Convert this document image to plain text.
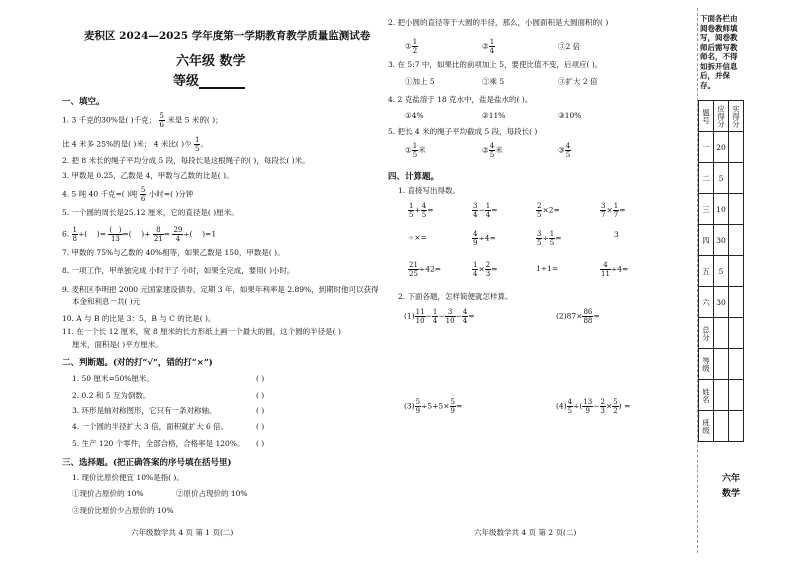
麦积区 2024—2025 学年度第一学期教育教学质量监测试卷
六年级 数学
等级
一、填空。
1. 3 千克的30%是( )千克； $\frac{5}{6}$ 米是 5 米的( )；
比 4 米多 25%的是( )米； 4 米比( )少 $\frac{1}{5}$ 。
2. 把 8 米长的绳子平均分成 5 段，每段长是这根绳子的( )，每段长( )米。
3. 甲数是 0.25，乙数是 4，甲数与乙数的比是( )。
4. 5 吨 40 千克=( )吨 $\frac{5}{6}$ 小时=( )分钟
5. 一个圆的周长是25.12 厘米，它的直径是( )厘米。
6. $\frac{1}{8}$ ÷(    )= $\frac{( )}{13}$ =(    )+ $\frac{8}{21} = \frac{29}{4}$ ÷(    )=1
7. 甲数的 75%与乙数的 40%相等，如果乙数是 150，甲数是( )。
8. 一项工作，甲单独完成 小时干了 小时，如果全完成，要用( )小时。
9. 麦积区李明把 2000 元国家建设债券，定期 3 年，如果年利率是 2.89%，到期时他可以获得
本金和利息一共( )元
10. A 与 B 的比是 3：5，B 与 C 的比是( )。
11. 在一个长 12 厘米，宽 8 厘米的长方形纸上画一个最大的圆，这个圆的半径是( )
厘米，面积是( )平方厘米。
二、判断题。(对的打“√”，错的打“×”)
1. 50 厘米=50%厘米。	( )
2. 0.2 和 5 互为倒数。	( )
3. 环形是轴对称图形，它只有一条对称轴。	( )
4. 一个圆的半径扩大 3 倍，面积就扩大 6 倍。	( )
5. 生产 120 个零件，全部合格，合格率是 120%。 ( )
三、选择题。(把正确答案的序号填在括号里)
1. 现价比原价便宜 10%是指( )。
①现价占原价的 10%	②原价占现价的 10%
③现价比原价少占原价的 10%
六年级数学共 4 页 第 1 页(二)
2. 把小圆的直径等于大圆的半径，那么，小圆面积是大圆面积的( )
① $\frac{1}{2}$	② $\frac{1}{4}$	③2 倍
3. 在 5:7 中，如果比的前项加上 5，要使比值不变，后项应( )。
①加上 5	②乘 5	③扩大 2 倍
4. 2 克盐溶于 18 克水中，盐是盐水的( )。
①4%	②11%	③10%
5. 把长 4 米的绳子平均截成 5 段，每段长( )
① $\frac{1}{5}$ 米	② $\frac{4}{5}$ 米	③ $\frac{4}{5}$
四、计算题。
1. 直接写出得数。
$\frac{1}{5} + \frac{4}{5}$ =	$\frac{3}{4} - \frac{1}{4}$ =	$\frac{2}{5} \times 2=$	$\frac{3}{7} \times \frac{1}{7}$ =
÷×=	$\frac{4}{9} \div 4=$	$\frac{3}{5} \div \frac{1}{5}$ =	3
$\frac{21}{25} \div 42=$	$\frac{1}{4} \times \frac{2}{3}$ =	1÷1=	$\frac{4}{11} \div 4=$
2. 下面各题，怎样简便就怎样算。
$(1) \frac{11}{10} - \frac{1}{4} - \frac{3}{10} - \frac{4}{4}$ =	$(2)87\times \frac{86}{88}$ =
$(3) \frac{5}{9} \div 5+5\times \frac{5}{9}$ =	$(4) \frac{4}{5}$ ÷( $\frac{13}{9} - \frac{2}{3} \times \frac{5}{2}$ ) =
六年级数学共 4 页 第 2 页(二)
下面各栏由阅卷教师填写，阅卷教师后需写教师名，不得如拆开信息后，并保存。
题号	应得分	实得分
一	20	
二	5	
三	10	
四	30	
五	5	
六	30	
总分		
等级		
姓名		
班级		
六年
数学
